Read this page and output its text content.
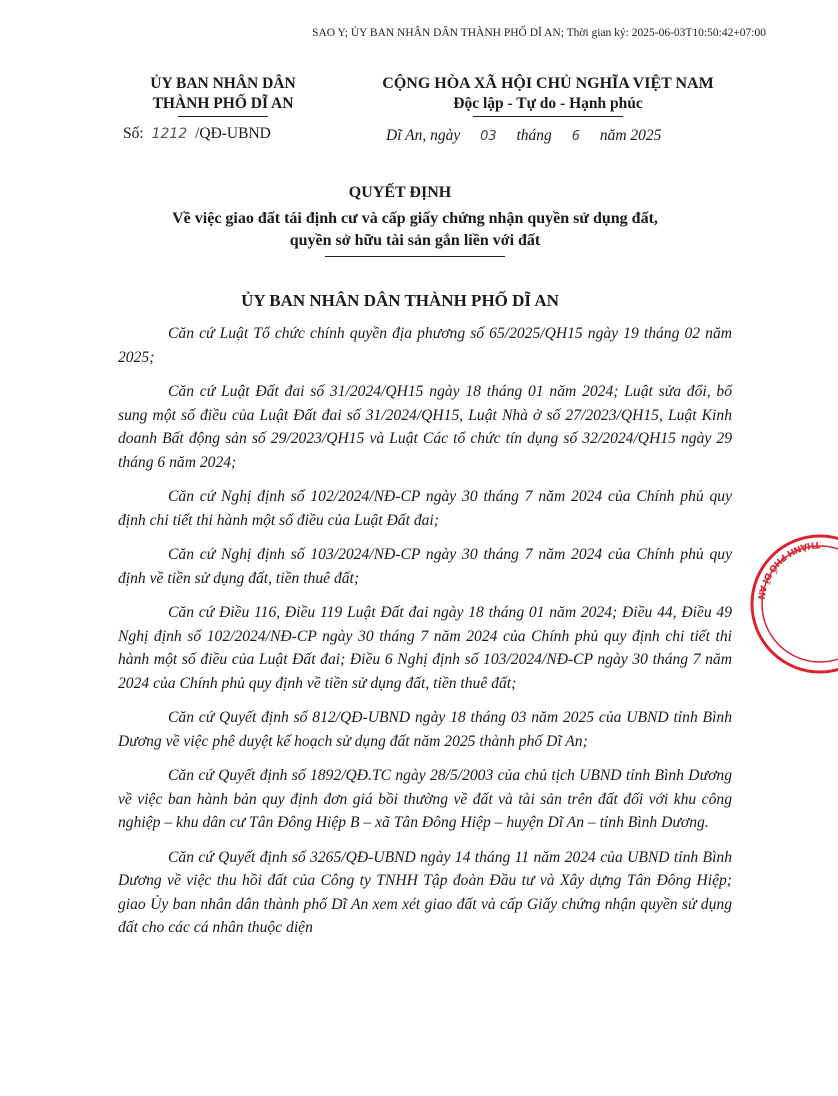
SAO Y; ỦY BAN NHÂN DÂN THÀNH PHỐ DĨ AN; Thời gian ký: 2025-06-03T10:50:42+07:00
ỦY BAN NHÂN DÂN
THÀNH PHỐ DĨ AN
CỘNG HÒA XÃ HỘI CHỦ NGHĨA VIỆT NAM
Độc lập - Tự do - Hạnh phúc
Số: 1212 /QĐ-UBND	Dĩ An, ngày 03 tháng 6 năm 2025
QUYẾT ĐỊNH
Về việc giao đất tái định cư và cấp giấy chứng nhận quyền sử dụng đất,
quyền sở hữu tài sản gắn liền với đất
ỦY BAN NHÂN DÂN THÀNH PHỐ DĨ AN

Căn cứ Luật Tổ chức chính quyền địa phương số 65/2025/QH15 ngày 19 tháng 02 năm 2025;

Căn cứ Luật Đất đai số 31/2024/QH15 ngày 18 tháng 01 năm 2024; Luật sửa đổi, bổ sung một số điều của Luật Đất đai số 31/2024/QH15, Luật Nhà ở số 27/2023/QH15, Luật Kinh doanh Bất động sản số 29/2023/QH15 và Luật Các tổ chức tín dụng số 32/2024/QH15 ngày 29 tháng 6 năm 2024;

Căn cứ Nghị định số 102/2024/NĐ-CP ngày 30 tháng 7 năm 2024 của Chính phủ quy định chi tiết thi hành một số điều của Luật Đất đai;

Căn cứ Nghị định số 103/2024/NĐ-CP ngày 30 tháng 7 năm 2024 của Chính phủ quy định về tiền sử dụng đất, tiền thuê đất;

Căn cứ Điều 116, Điều 119 Luật Đất đai ngày 18 tháng 01 năm 2024; Điều 44, Điều 49 Nghị định số 102/2024/NĐ-CP ngày 30 tháng 7 năm 2024 của Chính phủ quy định chi tiết thi hành một số điều của Luật Đất đai; Điều 6 Nghị định số 103/2024/NĐ-CP ngày 30 tháng 7 năm 2024 của Chính phủ quy định về tiền sử dụng đất, tiền thuê đất;

Căn cứ Quyết định số 812/QĐ-UBND ngày 18 tháng 03 năm 2025 của UBND tỉnh Bình Dương về việc phê duyệt kế hoạch sử dụng đất năm 2025 thành phố Dĩ An;

Căn cứ Quyết định số 1892/QĐ.TC ngày 28/5/2003 của chủ tịch UBND tỉnh Bình Dương về việc ban hành bản quy định đơn giá bồi thường về đất và tài sản trên đất đối với khu công nghiệp – khu dân cư Tân Đông Hiệp B – xã Tân Đông Hiệp – huyện Dĩ An – tỉnh Bình Dương.

Căn cứ Quyết định số 3265/QĐ-UBND ngày 14 tháng 11 năm 2024 của UBND tỉnh Bình Dương về việc thu hồi đất của Công ty TNHH Tập đoàn Đầu tư và Xây dựng Tân Đông Hiệp; giao Ủy ban nhân dân thành phố Dĩ An xem xét giao đất và cấp Giấy chứng nhận quyền sử dụng đất cho các cá nhân thuộc diện

THÀNH PHỐ DĨ AN
